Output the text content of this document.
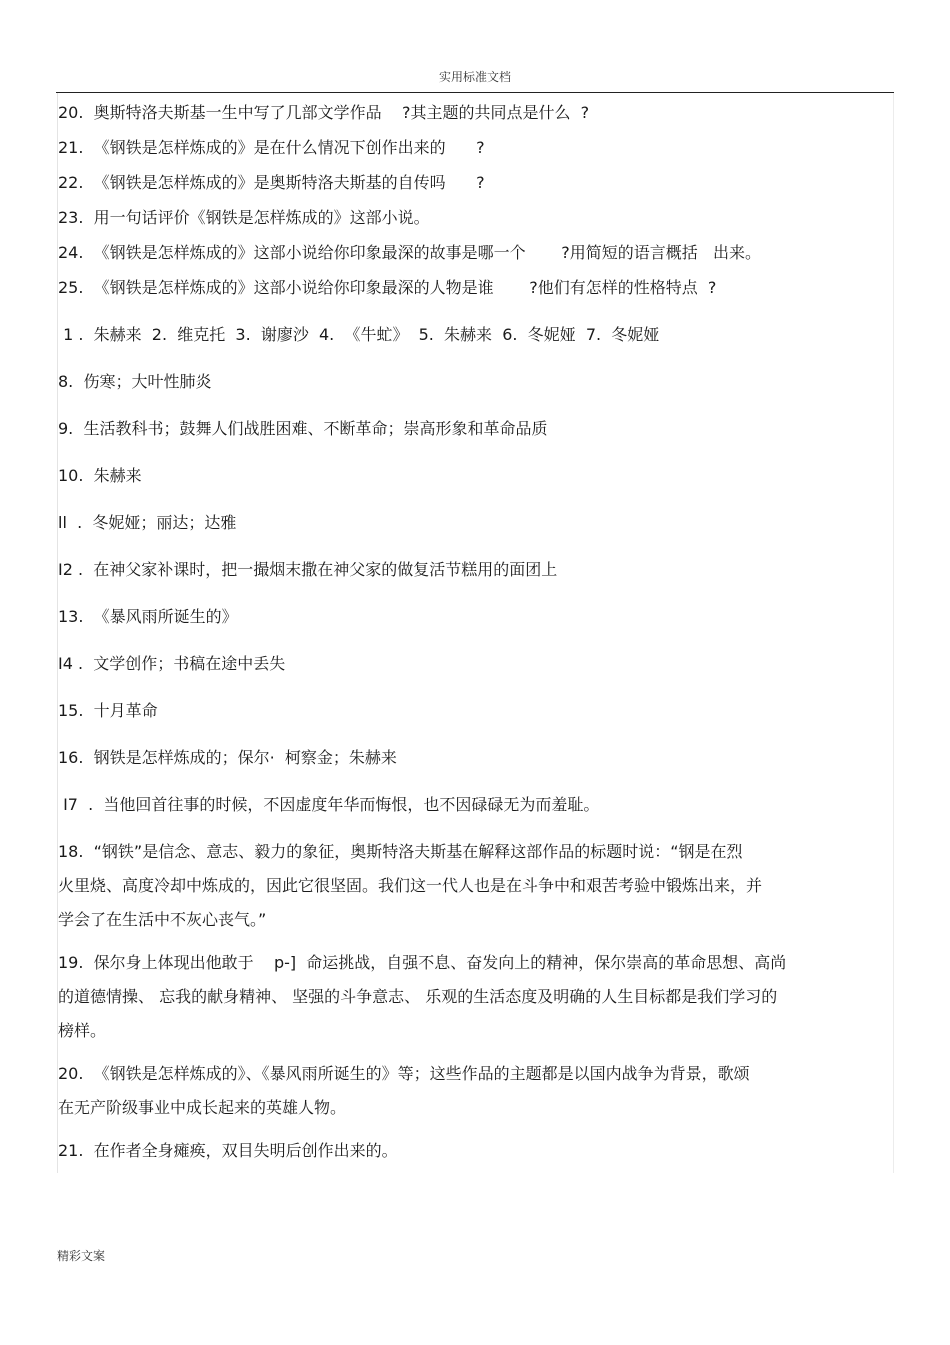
实用标准文档
20.  奥斯特洛夫斯基一生中写了几部文学作品    ?其主题的共同点是什么  ?
21.  《钢铁是怎样炼成的》是在什么情况下创作出来的      ?
22.  《钢铁是怎样炼成的》是奥斯特洛夫斯基的自传吗      ?
23.  用一句话评价《钢铁是怎样炼成的》这部小说。
24.  《钢铁是怎样炼成的》这部小说给你印象最深的故事是哪一个       ?用简短的语言概括   出来。
25.  《钢铁是怎样炼成的》这部小说给你印象最深的人物是谁       ?他们有怎样的性格特点  ?
1 .  朱赫来  2.  维克托  3.  谢廖沙  4.  《牛虻》  5.  朱赫来  6.  冬妮娅  7.  冬妮娅
8.  伤寒；大叶性肺炎
9.  生活教科书；鼓舞人们战胜困难、不断革命；崇高形象和革命品质
10.  朱赫来
ll  .  冬妮娅；丽达；达雅
I2 .  在神父家补课时，把一撮烟末撒在神父家的做复活节糕用的面团上
13.  《暴风雨所诞生的》
I4 .  文学创作；书稿在途中丢失
15.  十月革命
16.  钢铁是怎样炼成的；保尔·  柯察金；朱赫来
I7  .  当他回首往事的时候，不因虚度年华而悔恨，也不因碌碌无为而羞耻。
18.  “钢铁”是信念、意志、毅力的象征，奥斯特洛夫斯基在解释这部作品的标题时说：“钢是在烈
火里烧、高度冷却中炼成的，因此它很坚固。我们这一代人也是在斗争中和艰苦考验中锻炼出来，并
学会了在生活中不灰心丧气。”
19.  保尔身上体现出他敢于    p-]  命运挑战，自强不息、奋发向上的精神，保尔崇高的革命思想、高尚
的道德情操、 忘我的献身精神、 坚强的斗争意志、 乐观的生活态度及明确的人生目标都是我们学习的
榜样。
20.  《钢铁是怎样炼成的》、《暴风雨所诞生的》等；这些作品的主题都是以国内战争为背景，歌颂
在无产阶级事业中成长起来的英雄人物。
21.  在作者全身瘫痪，双目失明后创作出来的。
精彩文案
